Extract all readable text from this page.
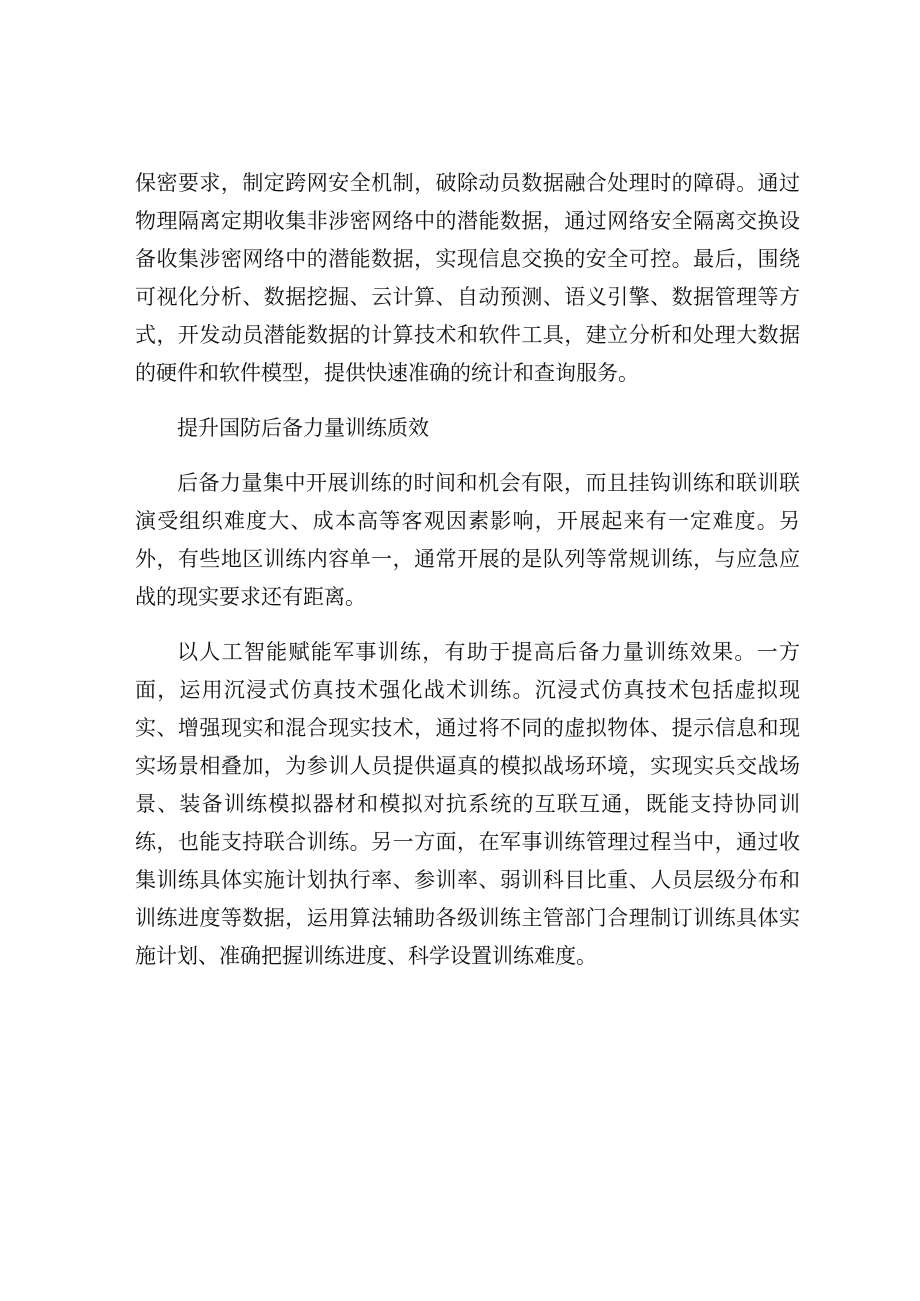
保密要求，制定跨网安全机制，破除动员数据融合处理时的障碍。通过物理隔离定期收集非涉密网络中的潜能数据，通过网络安全隔离交换设备收集涉密网络中的潜能数据，实现信息交换的安全可控。最后，围绕可视化分析、数据挖掘、云计算、自动预测、语义引擎、数据管理等方式，开发动员潜能数据的计算技术和软件工具，建立分析和处理大数据的硬件和软件模型，提供快速准确的统计和查询服务。

提升国防后备力量训练质效

后备力量集中开展训练的时间和机会有限，而且挂钩训练和联训联演受组织难度大、成本高等客观因素影响，开展起来有一定难度。另外，有些地区训练内容单一，通常开展的是队列等常规训练，与应急应战的现实要求还有距离。

以人工智能赋能军事训练，有助于提高后备力量训练效果。一方面，运用沉浸式仿真技术强化战术训练。沉浸式仿真技术包括虚拟现实、增强现实和混合现实技术，通过将不同的虚拟物体、提示信息和现实场景相叠加，为参训人员提供逼真的模拟战场环境，实现实兵交战场景、装备训练模拟器材和模拟对抗系统的互联互通，既能支持协同训练，也能支持联合训练。另一方面，在军事训练管理过程当中，通过收集训练具体实施计划执行率、参训率、弱训科目比重、人员层级分布和训练进度等数据，运用算法辅助各级训练主管部门合理制订训练具体实施计划、准确把握训练进度、科学设置训练难度。
